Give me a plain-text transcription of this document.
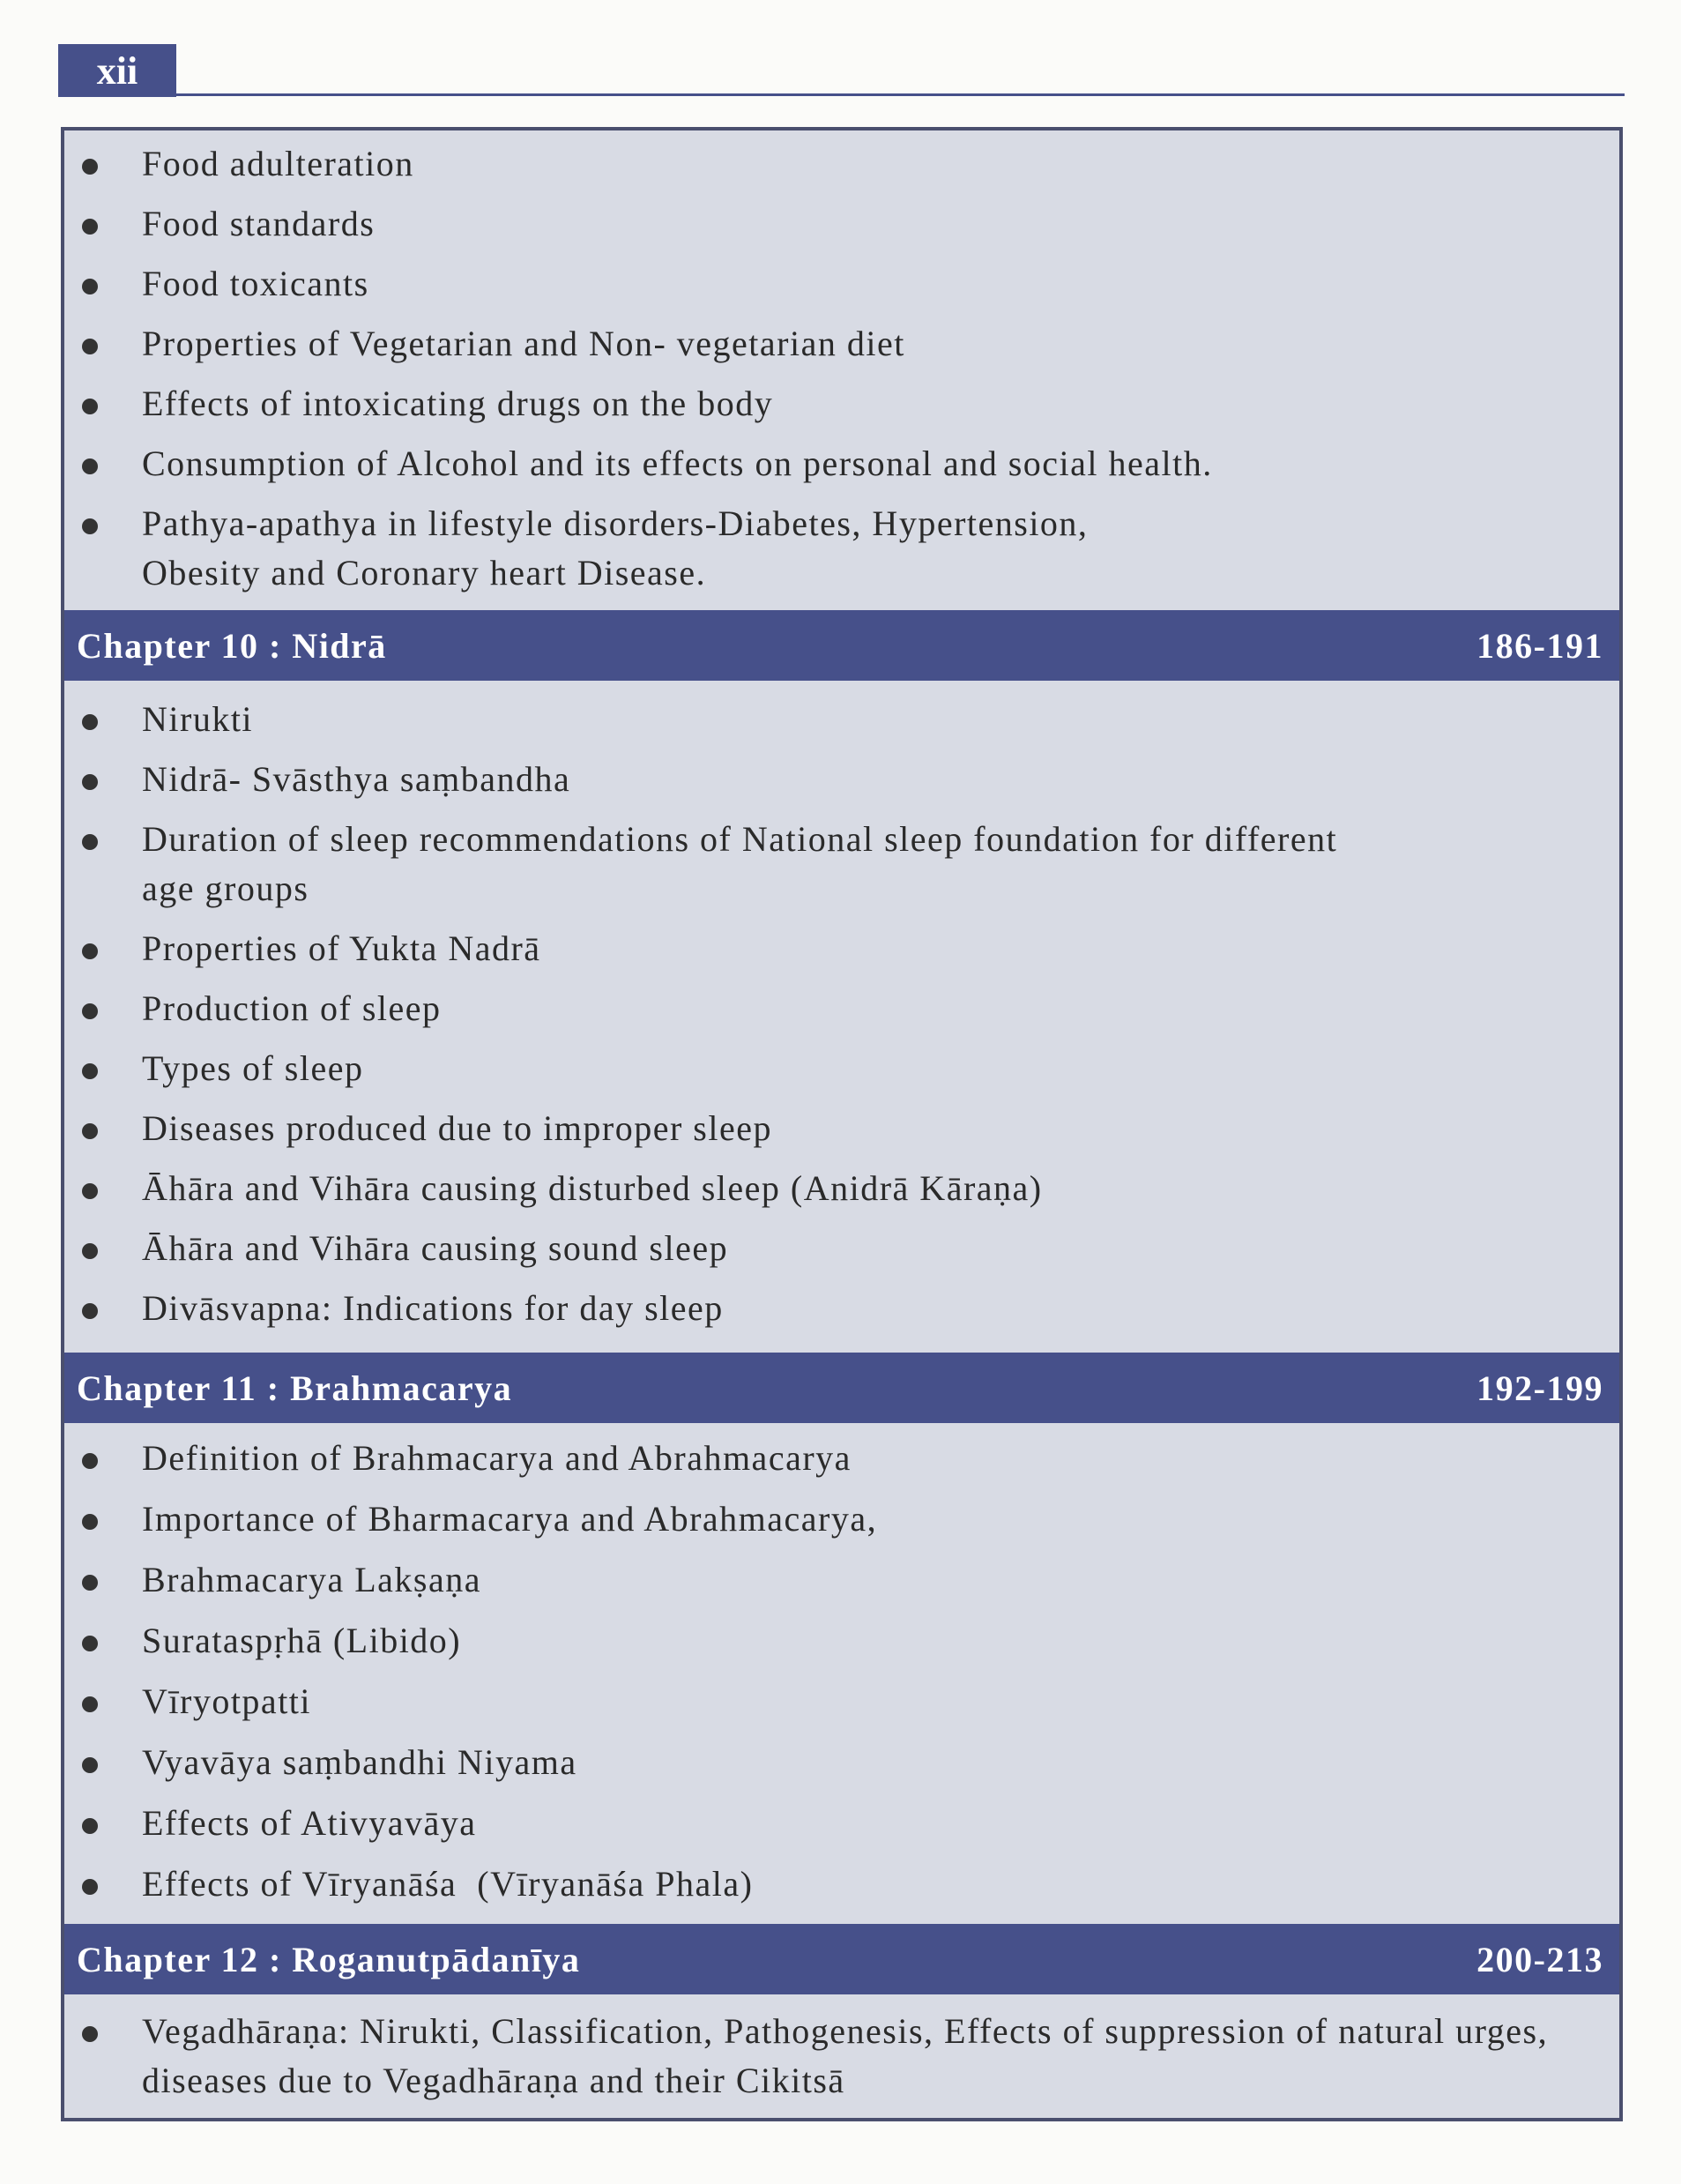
xii
Food adulteration
Food standards
Food toxicants
Properties of Vegetarian and Non- vegetarian diet
Effects of intoxicating drugs on the body
Consumption of Alcohol and its effects on personal and social health.
Pathya-apathya in lifestyle disorders-Diabetes, Hypertension, Obesity and Coronary heart Disease.
Chapter 10 : Nidrā	186-191
Nirukti
Nidrā- Svāsthya saṃbandha
Duration of sleep recommendations of National sleep foundation for different age groups
Properties of Yukta Nadrā
Production of sleep
Types of sleep
Diseases produced due to improper sleep
Āhāra and Vihāra causing disturbed sleep (Anidrā Kāraṇa)
Āhāra and Vihāra causing sound sleep
Divāsvapna: Indications for day sleep
Chapter 11 : Brahmacarya	192-199
Definition of Brahmacarya and Abrahmacarya
Importance of Bharmacarya and Abrahmacarya,
Brahmacarya Lakṣaṇa
Surataspṛhā (Libido)
Vīryotpatti
Vyavāya saṃbandhi Niyama
Effects of Ativyavāya
Effects of Vīryanāśa  (Vīryanāśa Phala)
Chapter 12 : Roganutpādanīya	200-213
Vegadhāraṇa: Nirukti, Classification, Pathogenesis, Effects of suppression of natural urges, diseases due to Vegadhāraṇa and their Cikitsā
